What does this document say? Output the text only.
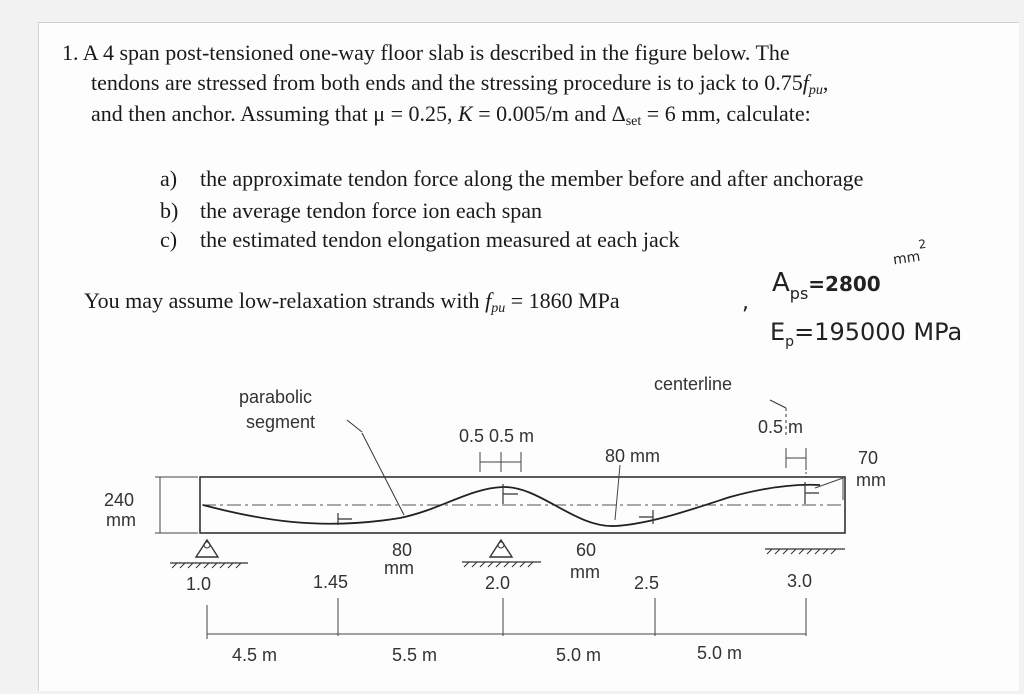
1. A 4 span post-tensioned one-way floor slab is described in the figure below. The
tendons are stressed from both ends and the stressing procedure is to jack to $0.75f_{pu}$,
and then anchor. Assuming that μ = 0.25, K = 0.005/m and $\Delta_{set} = 6$ mm, calculate:
a) the approximate tendon force along the member before and after anchorage
b) the average tendon force ion each span
c) the estimated tendon elongation measured at each jack
You may assume low-relaxation strands with $f_{pu} = 1860$ MPa	,
$A_{ps}=2800$
mm2
$E_p=195000$ MPa
240
mm
70
mm
parabolic
segment
0.5 0.5 m
80 mm
centerline
0.5 m
80
mm
60
mm
1.0	1.45	2.0	2.5	3.0
4.5 m	5.5 m	5.0 m	5.0 m
